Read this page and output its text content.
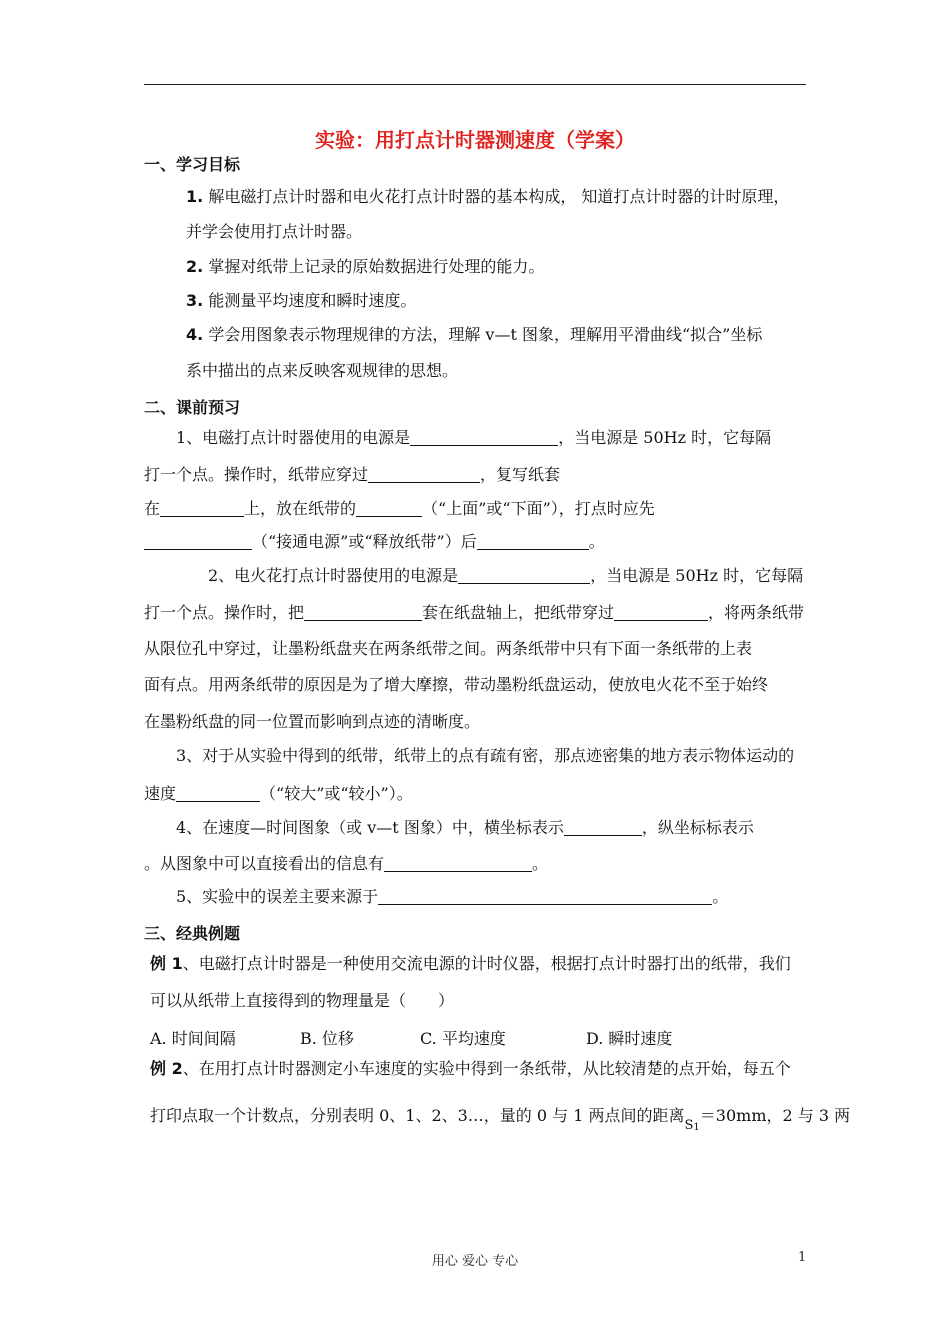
实验：用打点计时器测速度（学案）
一、学习目标
1. 解电磁打点计时器和电火花打点计时器的基本构成， 知道打点计时器的计时原理，
并学会使用打点计时器。
2. 掌握对纸带上记录的原始数据进行处理的能力。
3. 能测量平均速度和瞬时速度。
4. 学会用图象表示物理规律的方法，理解 v—t 图象，理解用平滑曲线“拟合”坐标
系中描出的点来反映客观规律的思想。
二、课前预习
1、电磁打点计时器使用的电源是	，当电源是 50Hz 时，它每隔
打一个点。操作时，纸带应穿过	，复写纸套
在	上，放在纸带的	（“上面”或“下面”），打点时应先
（“接通电源”或“释放纸带”）后	。
2、电火花打点计时器使用的电源是	，当电源是 50Hz 时，它每隔
打一个点。操作时，把	套在纸盘轴上，把纸带穿过	，将两条纸带
从限位孔中穿过，让墨粉纸盘夹在两条纸带之间。两条纸带中只有下面一条纸带的上表
面有点。用两条纸带的原因是为了增大摩擦，带动墨粉纸盘运动，使放电火花不至于始终
在墨粉纸盘的同一位置而影响到点迹的清晰度。
3、对于从实验中得到的纸带，纸带上的点有疏有密，那点迹密集的地方表示物体运动的
速度	（“较大”或“较小”）。
4、在速度—时间图象（或 v—t 图象）中，横坐标表示	，纵坐标标表示
。从图象中可以直接看出的信息有	。
5、实验中的误差主要来源于	。
三、经典例题
例 1、电磁打点计时器是一种使用交流电源的计时仪器，根据打点计时器打出的纸带，我们
可以从纸带上直接得到的物理量是（　　）
A. 时间间隔	B. 位移	C. 平均速度	D. 瞬时速度
例 2、在用打点计时器测定小车速度的实验中得到一条纸带，从比较清楚的点开始，每五个
打印点取一个计数点，分别表明 0、1、2、3…，量的 0 与 1 两点间的距离$_{S1}$＝30mm，2 与 3 两
用心 爱心 专心	1
